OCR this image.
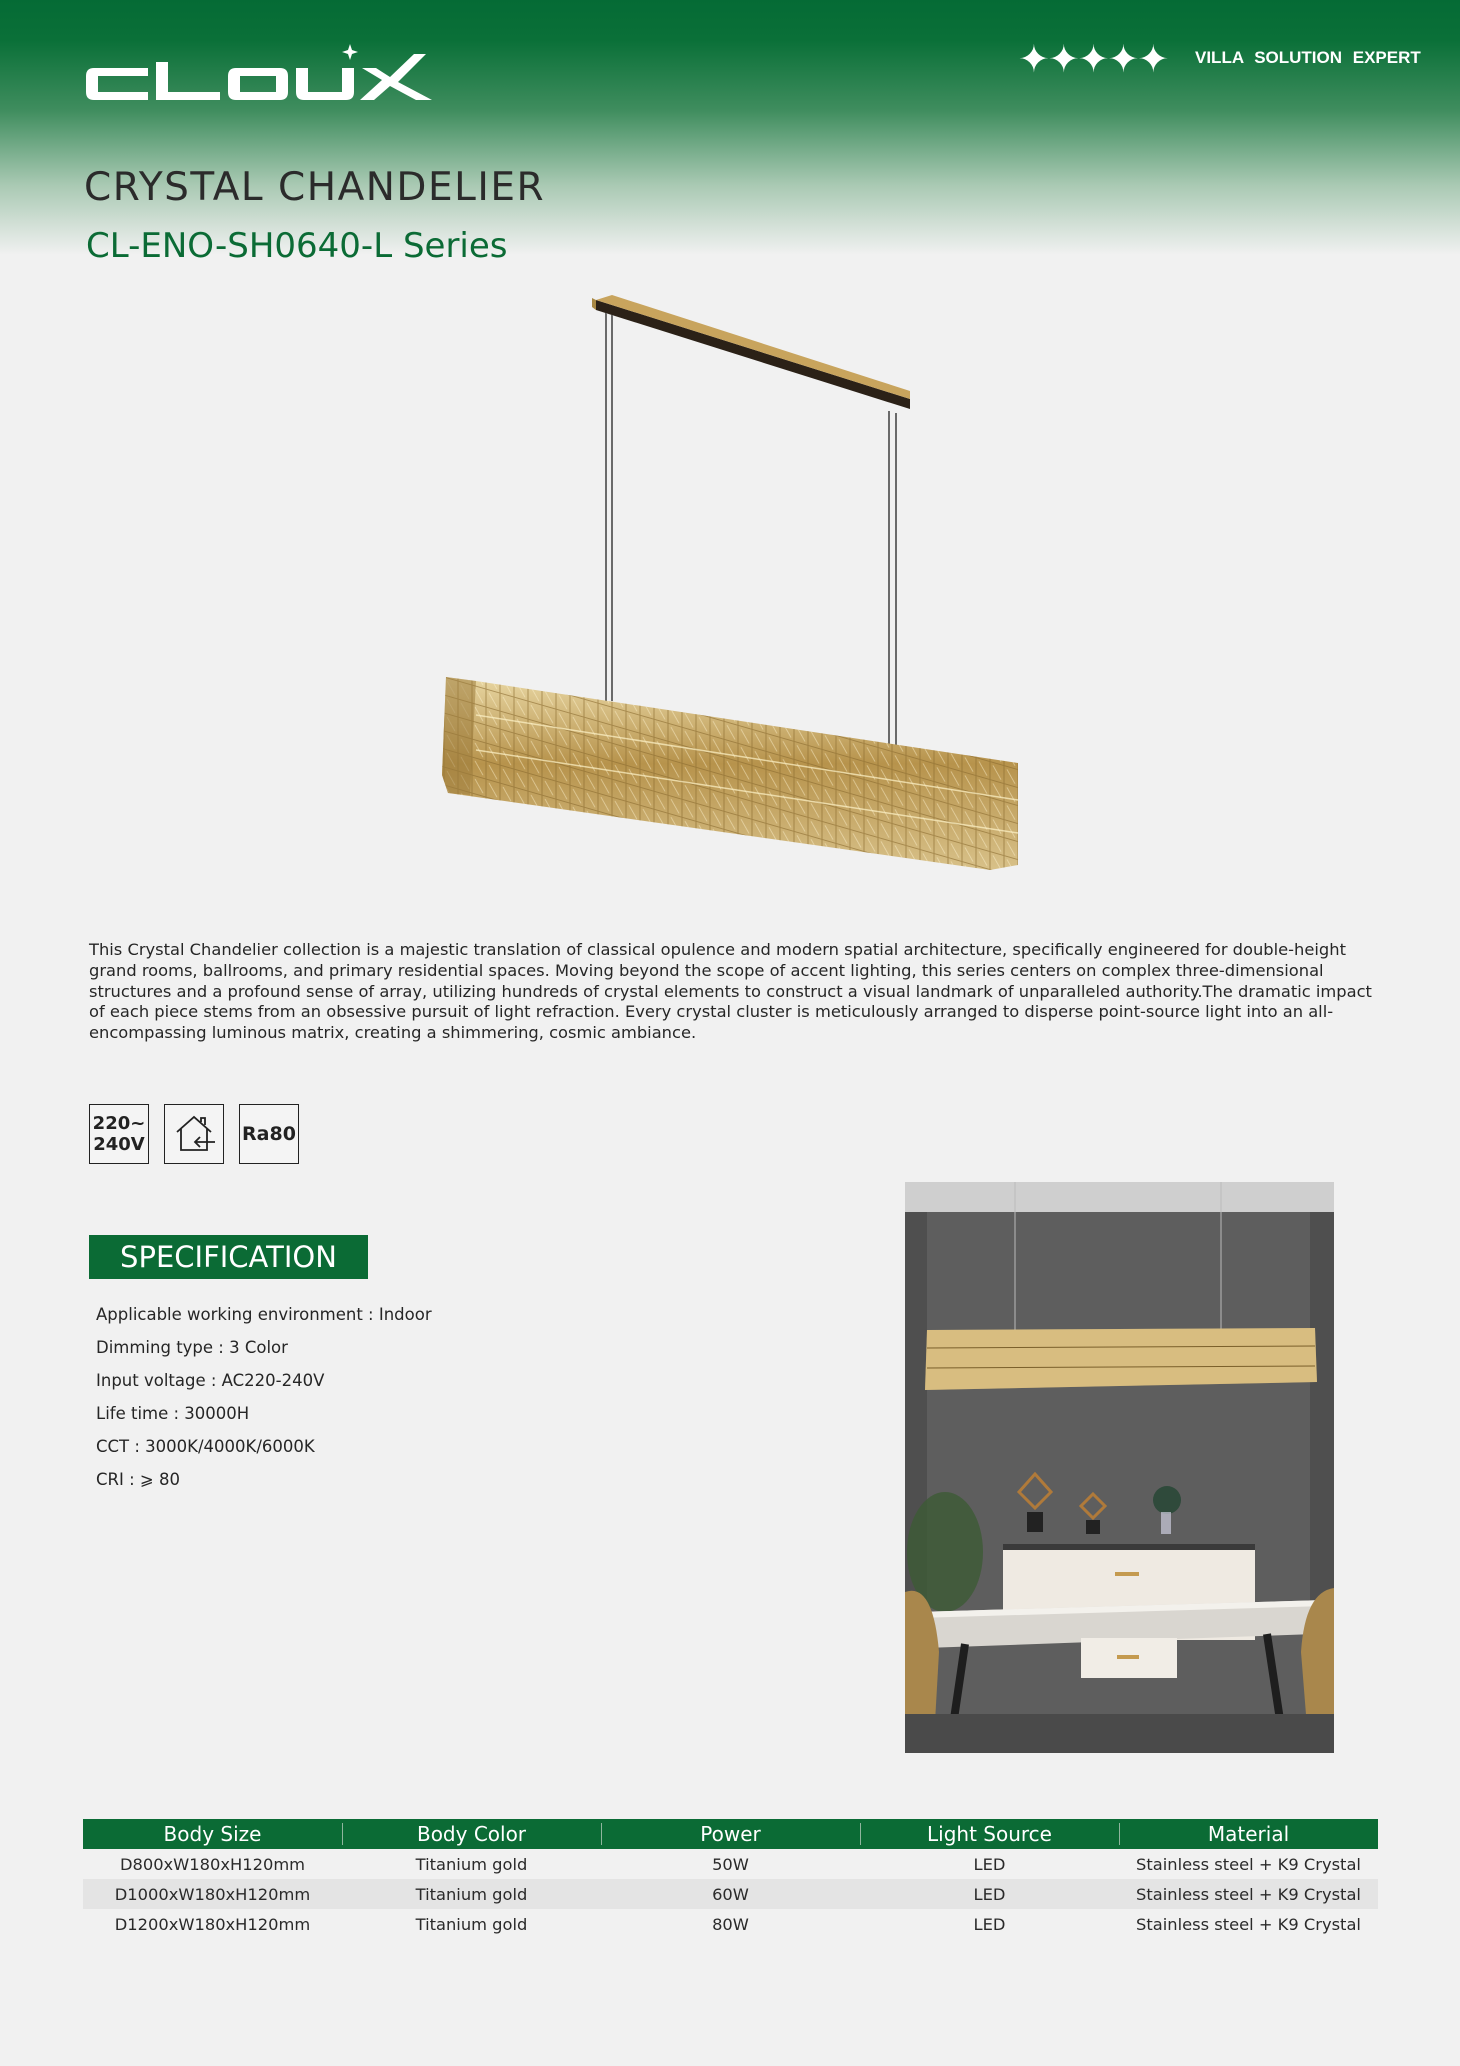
✦✦✦✦✦ VILLA SOLUTION EXPERT
CRYSTAL CHANDELIER
CL-ENO-SH0640-L Series

This Crystal Chandelier collection is a majestic translation of classical opulence and modern spatial architecture, specifically engineered for double-height grand rooms, ballrooms, and primary residential spaces. Moving beyond the scope of accent lighting, this series centers on complex three-dimensional structures and a profound sense of array, utilizing hundreds of crystal elements to construct a visual landmark of unparalleled authority.The dramatic impact of each piece stems from an obsessive pursuit of light refraction. Every crystal cluster is meticulously arranged to disperse point-source light into an all-encompassing luminous matrix, creating a shimmering, cosmic ambiance.

220~
240V	Ra80
SPECIFICATION
Applicable working environment : Indoor
Dimming type : 3 Color
Input voltage : AC220-240V
Life time : 30000H
CCT : 3000K/4000K/6000K
CRI : ⩾ 80
Body Size	Body Color	Power	Light Source	Material
D800xW180xH120mm	Titanium gold	50W	LED	Stainless steel + K9 Crystal
D1000xW180xH120mm	Titanium gold	60W	LED	Stainless steel + K9 Crystal
D1200xW180xH120mm	Titanium gold	80W	LED	Stainless steel + K9 Crystal
